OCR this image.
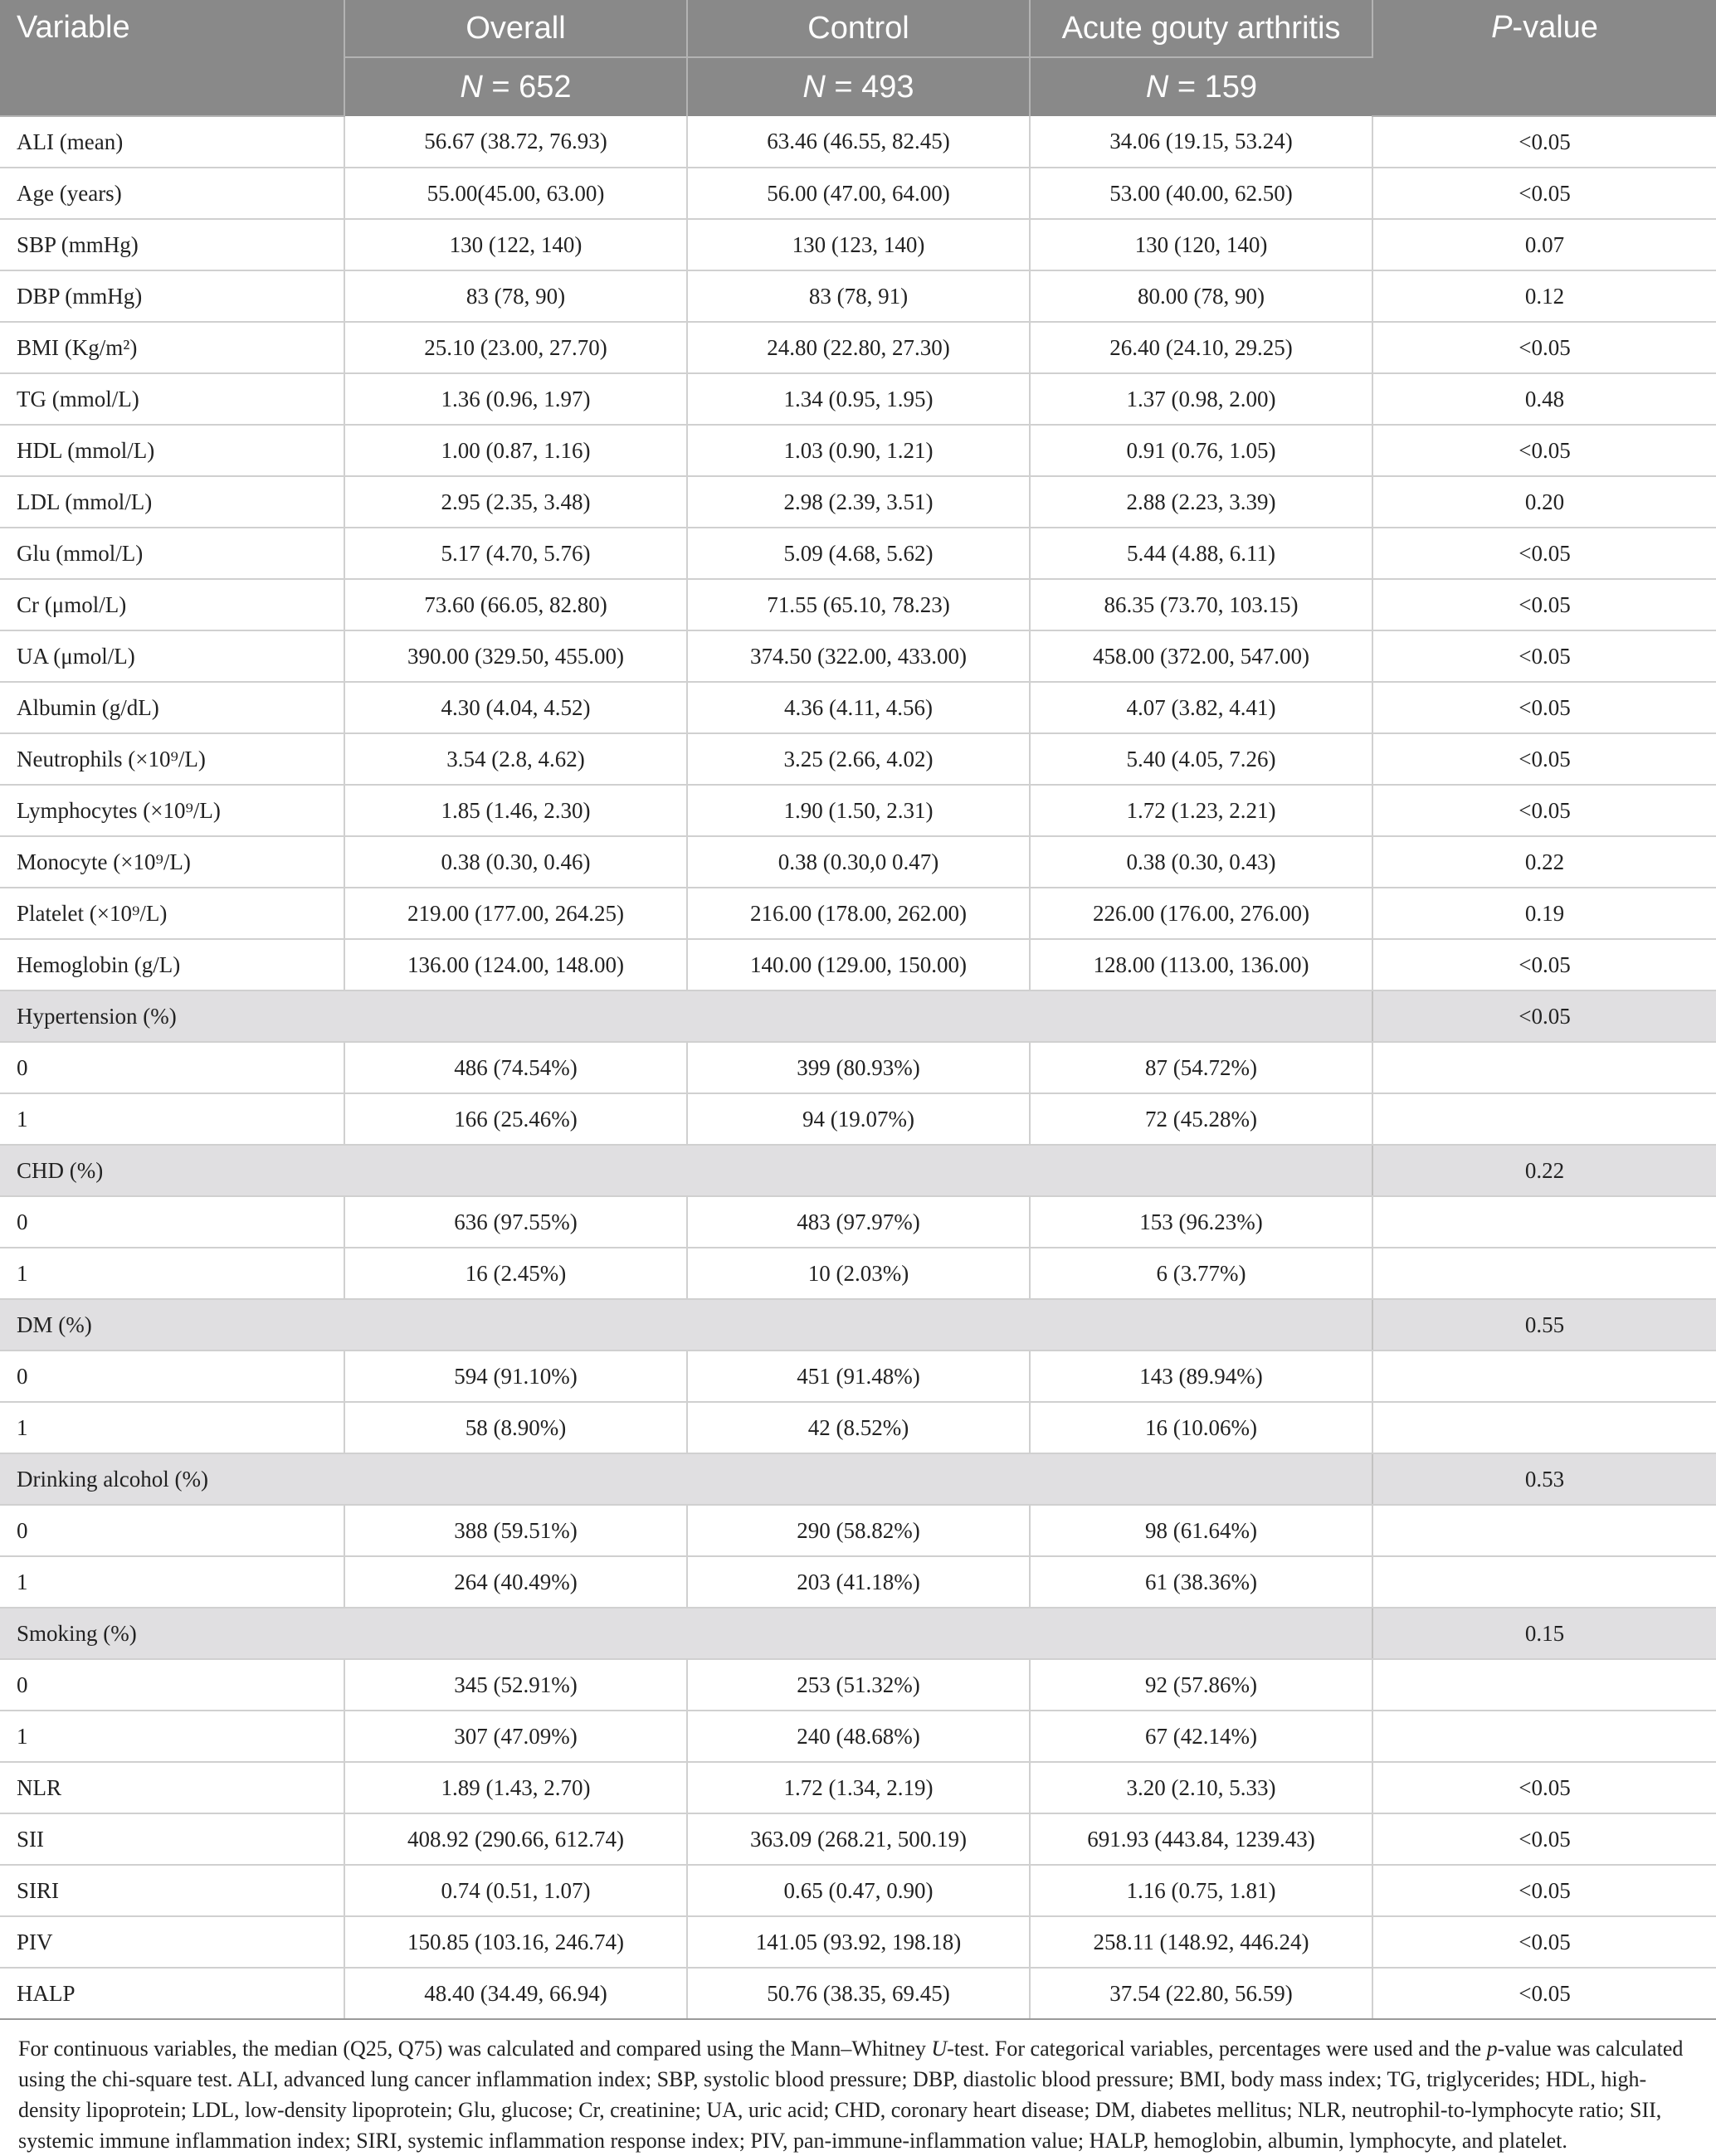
Variable	Overall	Control	Acute gouty arthritis	P-value
	N = 652	N = 493	N = 159	
ALI (mean)	56.67 (38.72, 76.93)	63.46 (46.55, 82.45)	34.06 (19.15, 53.24)	<0.05
Age (years)	55.00(45.00, 63.00)	56.00 (47.00, 64.00)	53.00 (40.00, 62.50)	<0.05
SBP (mmHg)	130 (122, 140)	130 (123, 140)	130 (120, 140)	0.07
DBP (mmHg)	83 (78, 90)	83 (78, 91)	80.00 (78, 90)	0.12
BMI (Kg/m²)	25.10 (23.00, 27.70)	24.80 (22.80, 27.30)	26.40 (24.10, 29.25)	<0.05
TG (mmol/L)	1.36 (0.96, 1.97)	1.34 (0.95, 1.95)	1.37 (0.98, 2.00)	0.48
HDL (mmol/L)	1.00 (0.87, 1.16)	1.03 (0.90, 1.21)	0.91 (0.76, 1.05)	<0.05
LDL (mmol/L)	2.95 (2.35, 3.48)	2.98 (2.39, 3.51)	2.88 (2.23, 3.39)	0.20
Glu (mmol/L)	5.17 (4.70, 5.76)	5.09 (4.68, 5.62)	5.44 (4.88, 6.11)	<0.05
Cr (μmol/L)	73.60 (66.05, 82.80)	71.55 (65.10, 78.23)	86.35 (73.70, 103.15)	<0.05
UA (μmol/L)	390.00 (329.50, 455.00)	374.50 (322.00, 433.00)	458.00 (372.00, 547.00)	<0.05
Albumin (g/dL)	4.30 (4.04, 4.52)	4.36 (4.11, 4.56)	4.07 (3.82, 4.41)	<0.05
Neutrophils (×10⁹/L)	3.54 (2.8, 4.62)	3.25 (2.66, 4.02)	5.40 (4.05, 7.26)	<0.05
Lymphocytes (×10⁹/L)	1.85 (1.46, 2.30)	1.90 (1.50, 2.31)	1.72 (1.23, 2.21)	<0.05
Monocyte (×10⁹/L)	0.38 (0.30, 0.46)	0.38 (0.30,0 0.47)	0.38 (0.30, 0.43)	0.22
Platelet (×10⁹/L)	219.00 (177.00, 264.25)	216.00 (178.00, 262.00)	226.00 (176.00, 276.00)	0.19
Hemoglobin (g/L)	136.00 (124.00, 148.00)	140.00 (129.00, 150.00)	128.00 (113.00, 136.00)	<0.05
Hypertension (%)				<0.05
0	486 (74.54%)	399 (80.93%)	87 (54.72%)	
1	166 (25.46%)	94 (19.07%)	72 (45.28%)	
CHD (%)				0.22
0	636 (97.55%)	483 (97.97%)	153 (96.23%)	
1	16 (2.45%)	10 (2.03%)	6 (3.77%)	
DM (%)				0.55
0	594 (91.10%)	451 (91.48%)	143 (89.94%)	
1	58 (8.90%)	42 (8.52%)	16 (10.06%)	
Drinking alcohol (%)				0.53
0	388 (59.51%)	290 (58.82%)	98 (61.64%)	
1	264 (40.49%)	203 (41.18%)	61 (38.36%)	
Smoking (%)				0.15
0	345 (52.91%)	253 (51.32%)	92 (57.86%)	
1	307 (47.09%)	240 (48.68%)	67 (42.14%)	
NLR	1.89 (1.43, 2.70)	1.72 (1.34, 2.19)	3.20 (2.10, 5.33)	<0.05
SII	408.92 (290.66, 612.74)	363.09 (268.21, 500.19)	691.93 (443.84, 1239.43)	<0.05
SIRI	0.74 (0.51, 1.07)	0.65 (0.47, 0.90)	1.16 (0.75, 1.81)	<0.05
PIV	150.85 (103.16, 246.74)	141.05 (93.92, 198.18)	258.11 (148.92, 446.24)	<0.05
HALP	48.40 (34.49, 66.94)	50.76 (38.35, 69.45)	37.54 (22.80, 56.59)	<0.05
For continuous variables, the median (Q25, Q75) was calculated and compared using the Mann–Whitney U-test. For categorical variables, percentages were used and the p-value was calculated using the chi-square test. ALI, advanced lung cancer inflammation index; SBP, systolic blood pressure; DBP, diastolic blood pressure; BMI, body mass index; TG, triglycerides; HDL, high-density lipoprotein; LDL, low-density lipoprotein; Glu, glucose; Cr, creatinine; UA, uric acid; CHD, coronary heart disease; DM, diabetes mellitus; NLR, neutrophil-to-lymphocyte ratio; SII, systemic immune inflammation index; SIRI, systemic inflammation response index; PIV, pan-immune-inflammation value; HALP, hemoglobin, albumin, lymphocyte, and platelet.
